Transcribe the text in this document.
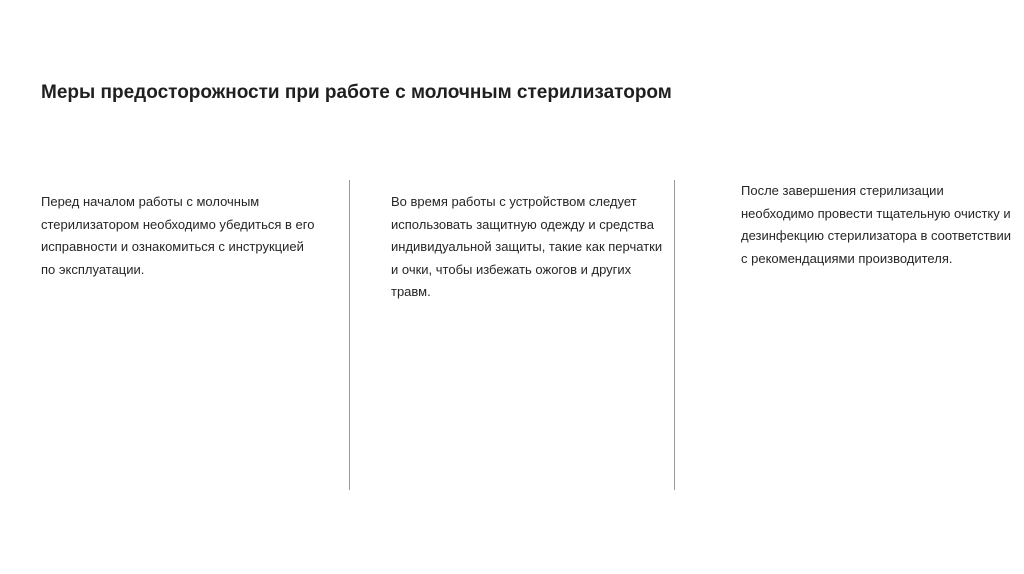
Меры предосторожности при работе с молочным стерилизатором

Перед началом работы с молочным стерилизатором необходимо убедиться в его исправности и ознакомиться с инструкцией по эксплуатации.

Во время работы с устройством следует использовать защитную одежду и средства индивидуальной защиты, такие как перчатки и очки, чтобы избежать ожогов и других травм.

После завершения стерилизации необходимо провести тщательную очистку и дезинфекцию стерилизатора в соответствии с рекомендациями производителя.
